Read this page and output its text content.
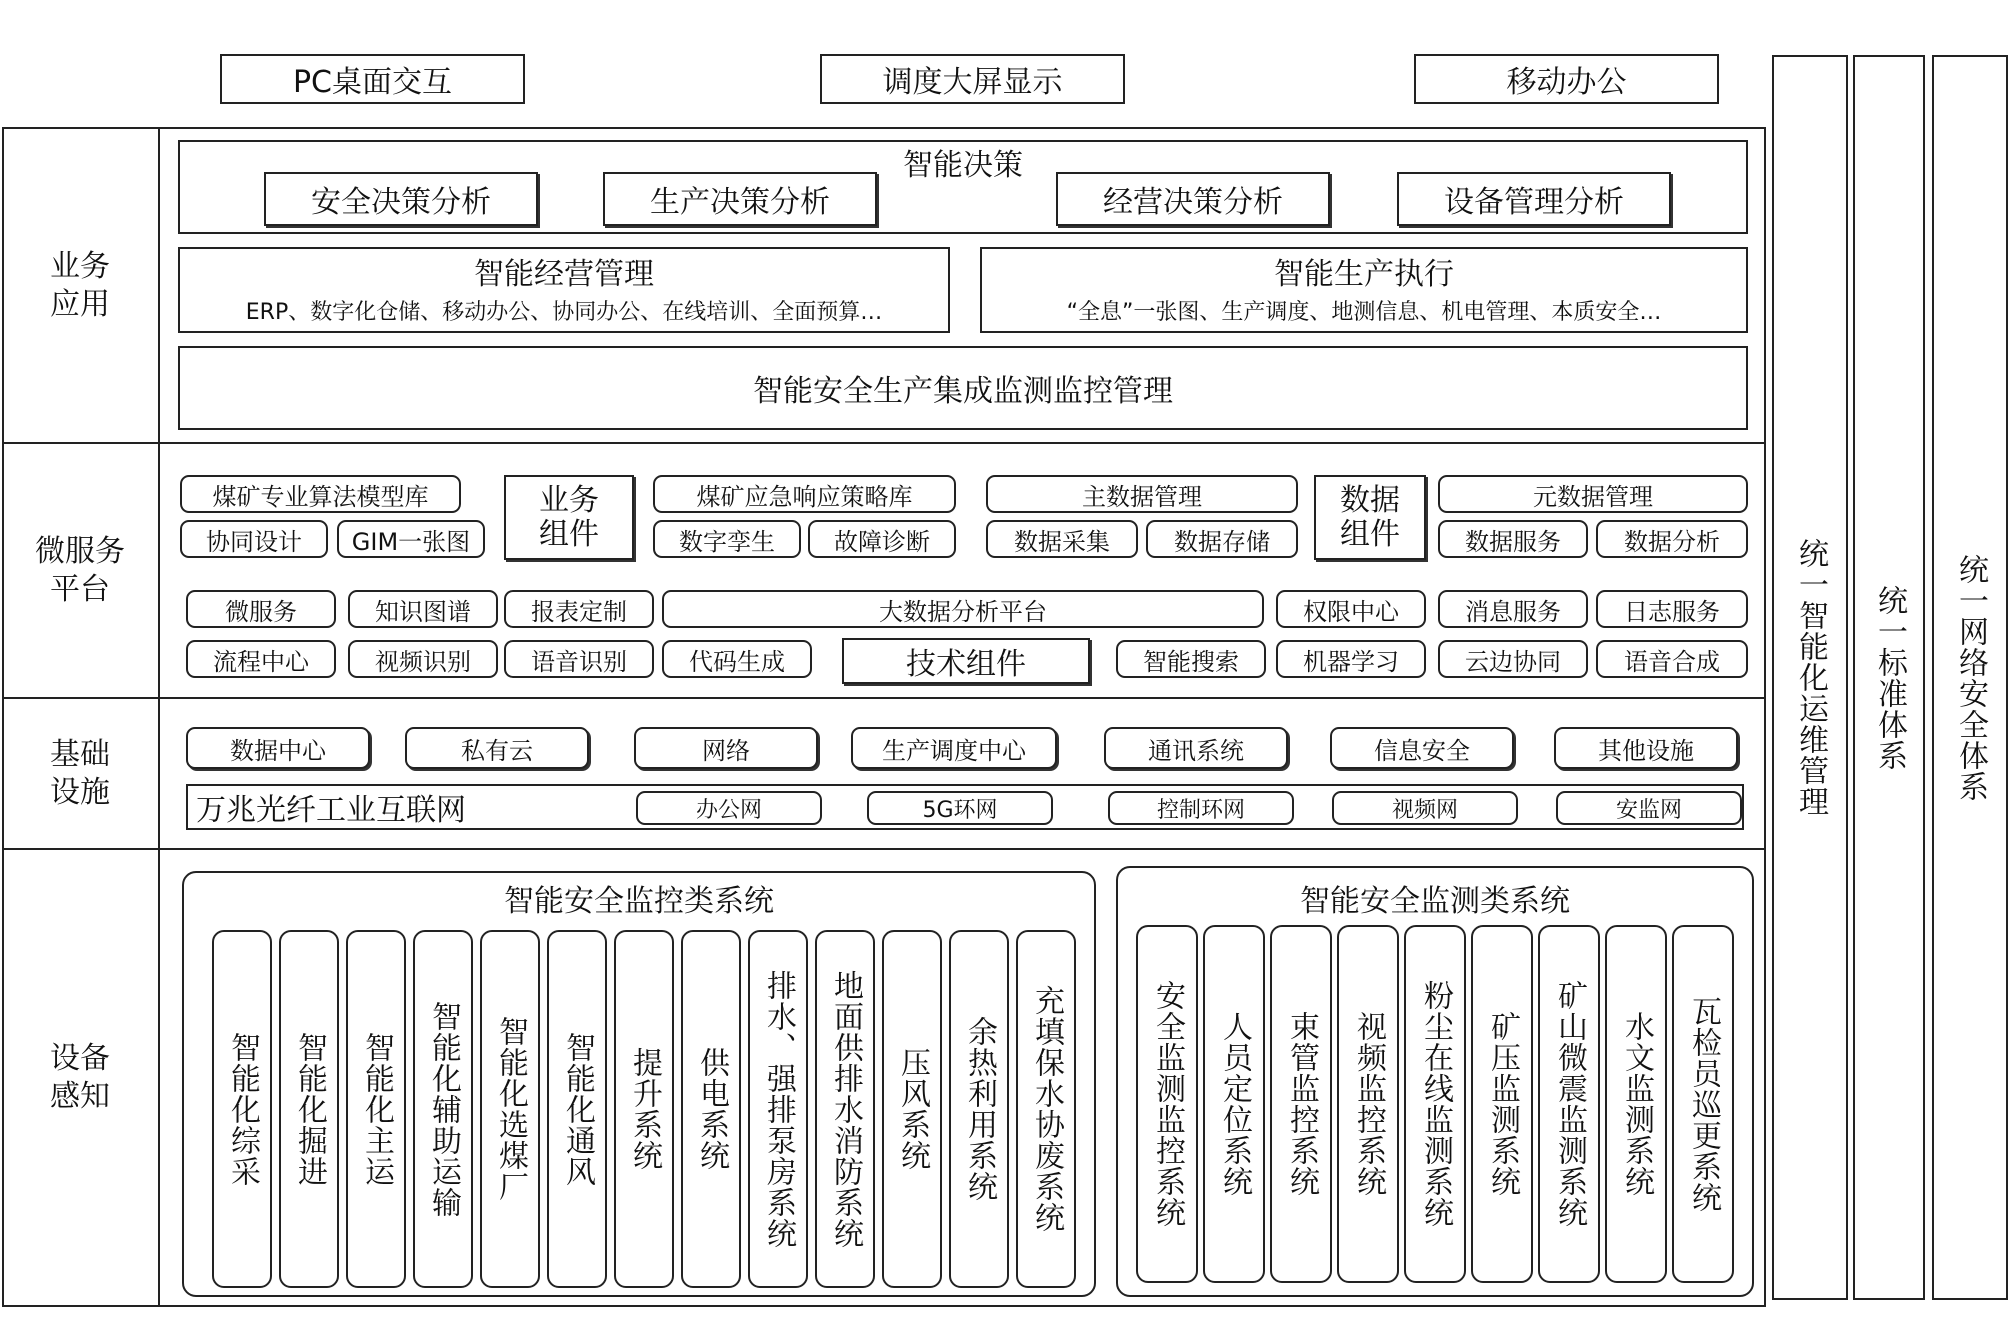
PC桌面交互	调度大屏显示	移动办公
统一智能化运维管理 统一标准体系 统一网络安全体系
业务
应用
微服务
平台
基础
设施
设备
感知
智能决策
安全决策分析	生产决策分析	经营决策分析	设备管理分析
智能经营管理
ERP、数字化仓储、移动办公、协同办公、在线培训、全面预算…
智能生产执行
“全息”一张图、生产调度、地测信息、机电管理、本质安全…
智能安全生产集成监测监控管理
煤矿专业算法模型库
协同设计	GIM一张图
业务
组件
煤矿应急响应策略库
数字孪生	故障诊断
主数据管理
数据采集	数据存储
数据
组件
元数据管理
数据服务	数据分析
微服务	知识图谱	报表定制	大数据分析平台	权限中心	消息服务	日志服务
流程中心	视频识别	语音识别	代码生成	技术组件	智能搜索	机器学习	云边协同	语音合成
数据中心	私有云	网络	生产调度中心	通讯系统	信息安全	其他设施
万兆光纤工业互联网	办公网	5G环网	控制环网	视频网	安监网
智能安全监控类系统	智能安全监测类系统
智能化综采 智能化掘进 智能化主运 智能化辅助运输 智能化选煤厂 智能化通风 提升系统 供电系统 排水、强排泵房系统 地面供排水消防系统 压风系统 余热利用系统 充填保水协废系统	安全监测监控系统 人员定位系统 束管监控系统 视频监控系统 粉尘在线监测系统 矿压监测系统 矿山微震监测系统 水文监测系统 瓦检员巡更系统
